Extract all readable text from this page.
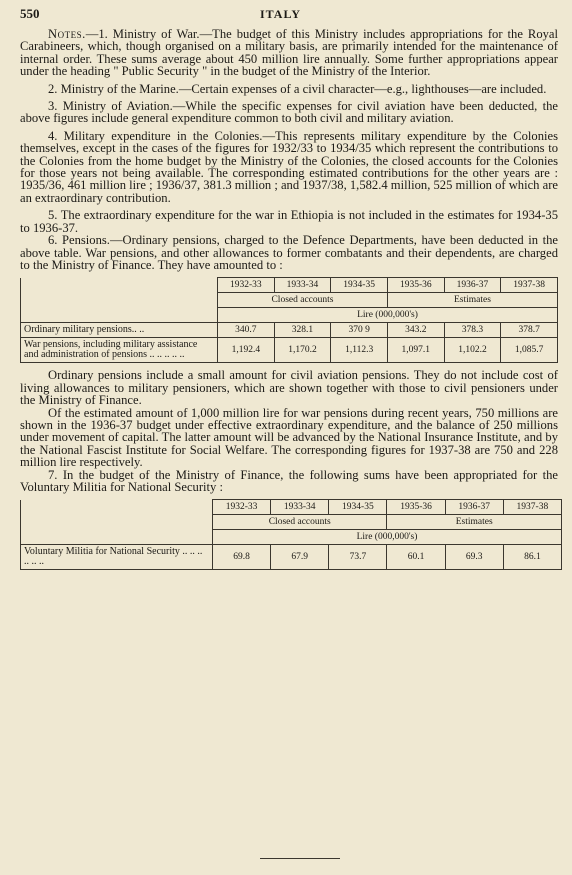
550	ITALY

Notes.—1. Ministry of War.—The budget of this Ministry includes appropriations for the Royal Carabineers, which, though organised on a military basis, are primarily intended for the maintenance of internal order. These sums average about 450 million lire annually. Some further appropriations appear under the heading " Public Security " in the budget of the Ministry of the Interior.

2. Ministry of the Marine.—Certain expenses of a civil character—e.g., lighthouses—are included.

3. Ministry of Aviation.—While the specific expenses for civil aviation have been deducted, the above figures include general expenditure common to both civil and military aviation.

4. Military expenditure in the Colonies.—This represents military expenditure by the Colonies themselves, except in the cases of the figures for 1932/33 to 1934/35 which represent the contributions to the Colonies from the home budget by the Ministry of the Colonies, the closed accounts for the Colonies for those years not being available. The corresponding estimated contributions for the other years are : 1935/36, 461 million lire ; 1936/37, 381.3 million ; and 1937/38, 1,582.4 million, 525 million of which are an extraordinary contribution.

5. The extraordinary expenditure for the war in Ethiopia is not included in the estimates for 1934-35 to 1936-37.

6. Pensions.—Ordinary pensions, charged to the Defence Departments, have been deducted in the above table. War pensions, and other allowances to former combatants and their dependents, are charged to the Ministry of Finance. They have amounted to :

	1932-33	1933-34	1934-35	1935-36	1936-37	1937-38
	Closed accounts			Estimates		
	Lire (000,000's)					
Ordinary military pensions.. ..	340.7	328.1	370 9	343.2	378.3	378.7
War pensions, including military assistance and administration of pensions .. .. .. .. ..	1,192.4	1,170.2	1,112.3	1,097.1	1,102.2	1,085.7

Ordinary pensions include a small amount for civil aviation pensions. They do not include cost of living allowances to military pensioners, which are shown together with those to civil pensioners under the Ministry of Finance.

Of the estimated amount of 1,000 million lire for war pensions during recent years, 750 millions are shown in the 1936-37 budget under effective extraordinary expenditure, and the balance of 250 millions under movement of capital. The latter amount will be advanced by the National Insurance Institute, and by the National Fascist Institute for Social Welfare. The corresponding figures for 1937-38 are 750 and 228 million lire respectively.

7. In the budget of the Ministry of Finance, the following sums have been appropriated for the Voluntary Militia for National Security :

	1932-33	1933-34	1934-35	1935-36	1936-37	1937-38
	Closed accounts			Estimates		
	Lire (000,000's)					
Voluntary Militia for National Security .. .. .. .. .. ..	69.8	67.9	73.7	60.1	69.3	86.1
